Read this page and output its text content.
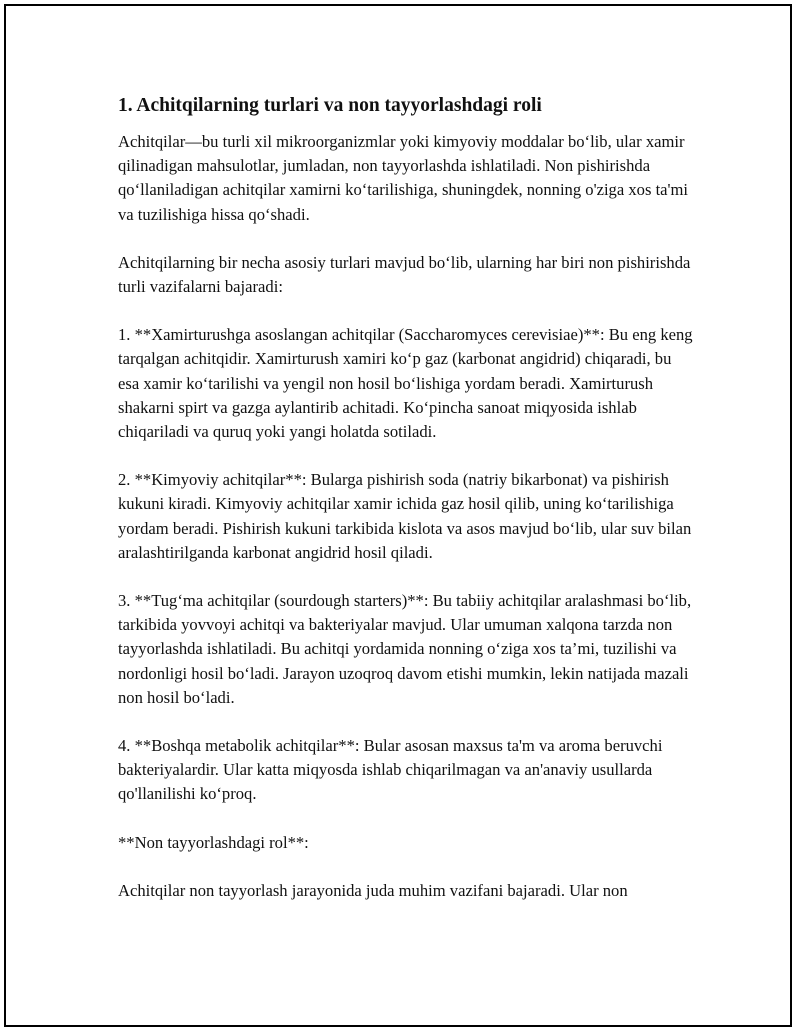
1. Achitqilarning turlari va non tayyorlashdagi roli

Achitqilar—bu turli xil mikroorganizmlar yoki kimyoviy moddalar bo‘lib, ular xamir qilinadigan mahsulotlar, jumladan, non tayyorlashda ishlatiladi. Non pishirishda qo‘llaniladigan achitqilar xamirni ko‘tarilishiga, shuningdek, nonning o'ziga xos ta'mi va tuzilishiga hissa qo‘shadi.

Achitqilarning bir necha asosiy turlari mavjud bo‘lib, ularning har biri non pishirishda turli vazifalarni bajaradi:

1. **Xamirturushga asoslangan achitqilar (Saccharomyces cerevisiae)**: Bu eng keng tarqalgan achitqidir. Xamirturush xamiri ko‘p gaz (karbonat angidrid) chiqaradi, bu esa xamir ko‘tarilishi va yengil non hosil bo‘lishiga yordam beradi. Xamirturush shakarni spirt va gazga aylantirib achitadi. Ko‘pincha sanoat miqyosida ishlab chiqariladi va quruq yoki yangi holatda sotiladi.

2. **Kimyoviy achitqilar**: Bularga pishirish soda (natriy bikarbonat) va pishirish kukuni kiradi. Kimyoviy achitqilar xamir ichida gaz hosil qilib, uning ko‘tarilishiga yordam beradi. Pishirish kukuni tarkibida kislota va asos mavjud bo‘lib, ular suv bilan aralashtirilganda karbonat angidrid hosil qiladi.

3. **Tug‘ma achitqilar (sourdough starters)**: Bu tabiiy achitqilar aralashmasi bo‘lib, tarkibida yovvoyi achitqi va bakteriyalar mavjud. Ular umuman xalqona tarzda non tayyorlashda ishlatiladi. Bu achitqi yordamida nonning o‘ziga xos ta’mi, tuzilishi va nordonligi hosil bo‘ladi. Jarayon uzoqroq davom etishi mumkin, lekin natijada mazali non hosil bo‘ladi.

4. **Boshqa metabolik achitqilar**: Bular asosan maxsus ta'm va aroma beruvchi bakteriyalardir. Ular katta miqyosda ishlab chiqarilmagan va an'anaviy usullarda qo'llanilishi ko‘proq.

**Non tayyorlashdagi rol**:

Achitqilar non tayyorlash jarayonida juda muhim vazifani bajaradi. Ular non
